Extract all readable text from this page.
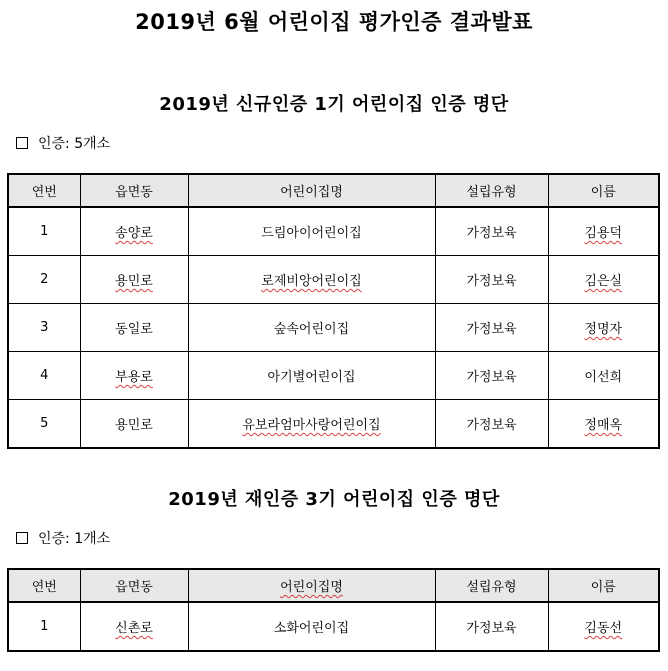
2019년 6월 어린이집 평가인증 결과발표
2019년 신규인증 1기 어린이집 인증 명단
인증: 5개소
연번	읍면동	어린이집명	설립유형	이름
1	송양로	드림아이어린이집	가정보육	김용덕
2	용민로	로제비앙어린이집	가정보육	김은실
3	동일로	숲속어린이집	가정보육	정명자
4	부용로	아기별어린이집	가정보육	이선희
5	용민로	유보라엄마사랑어린이집	가정보육	정매옥
2019년 재인증 3기 어린이집 인증 명단
인증: 1개소
연번	읍면동	어린이집명	설립유형	이름
1	신촌로	소화어린이집	가정보육	김동선
